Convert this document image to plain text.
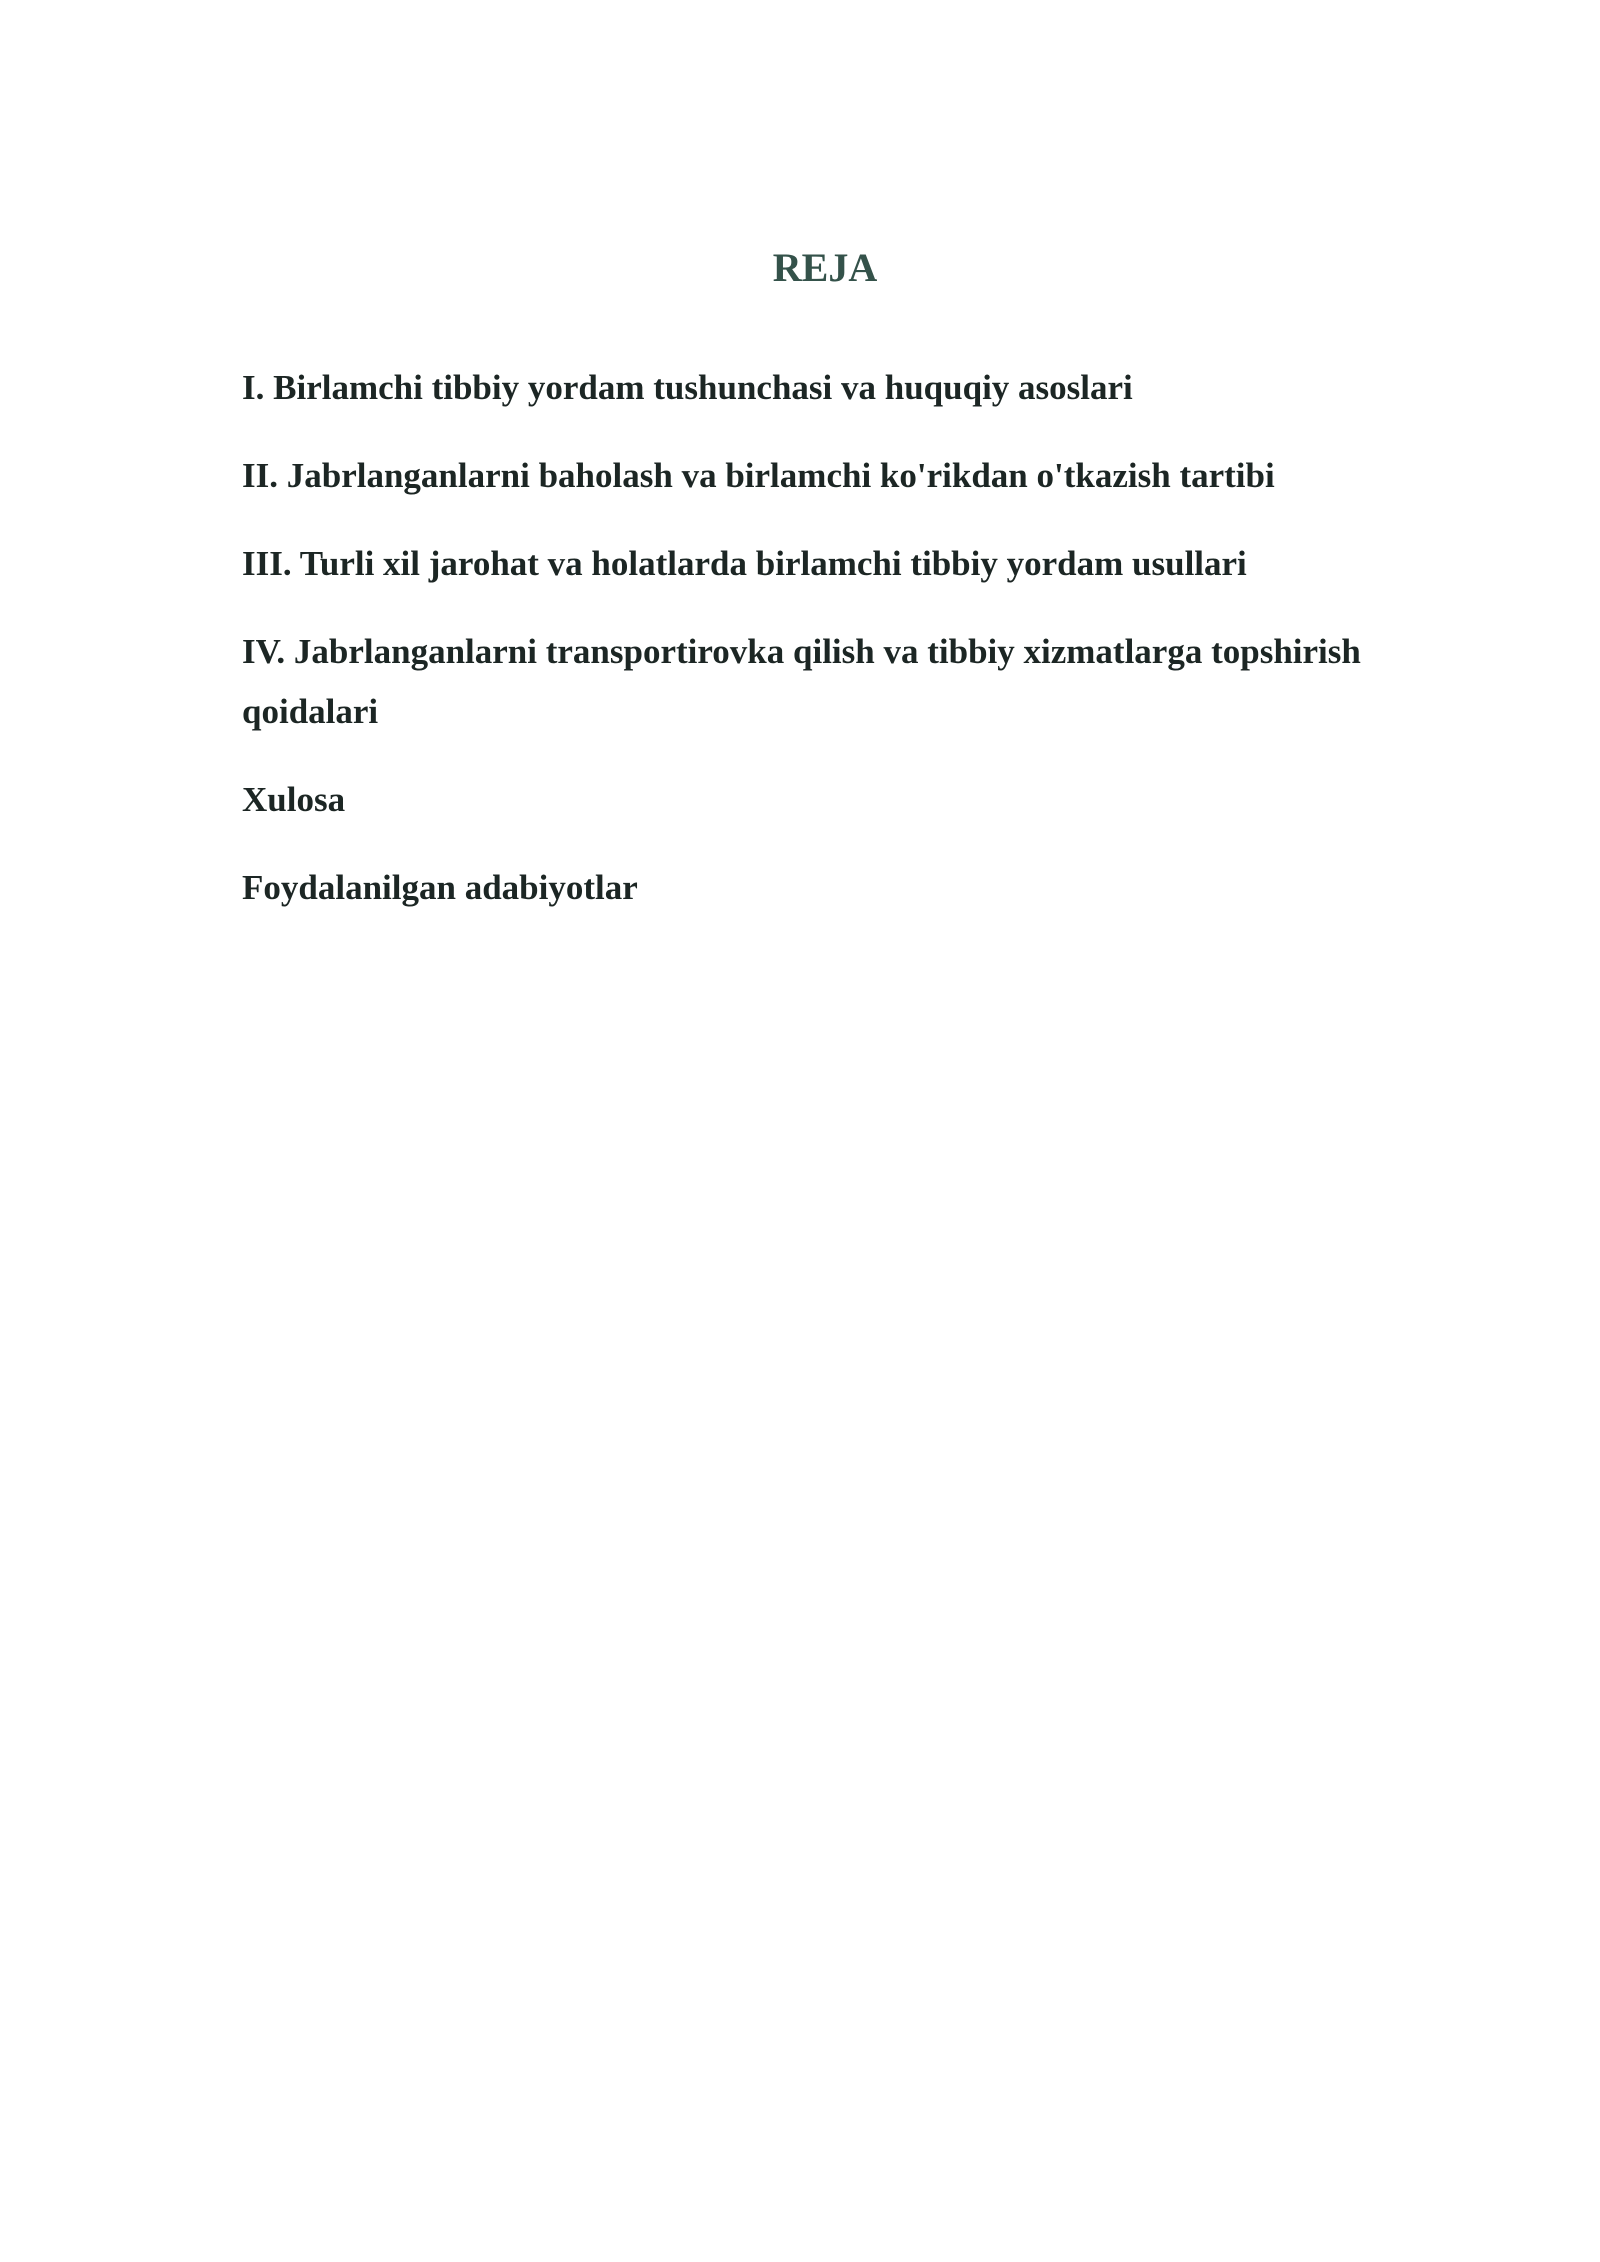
REJA
I. Birlamchi tibbiy yordam tushunchasi va huquqiy asoslari
II. Jabrlanganlarni baholash va birlamchi ko'rikdan o'tkazish tartibi
III. Turli xil jarohat va holatlarda birlamchi tibbiy yordam usullari
IV. Jabrlanganlarni transportirovka qilish va tibbiy xizmatlarga topshirish qoidalari
Xulosa
Foydalanilgan adabiyotlar
